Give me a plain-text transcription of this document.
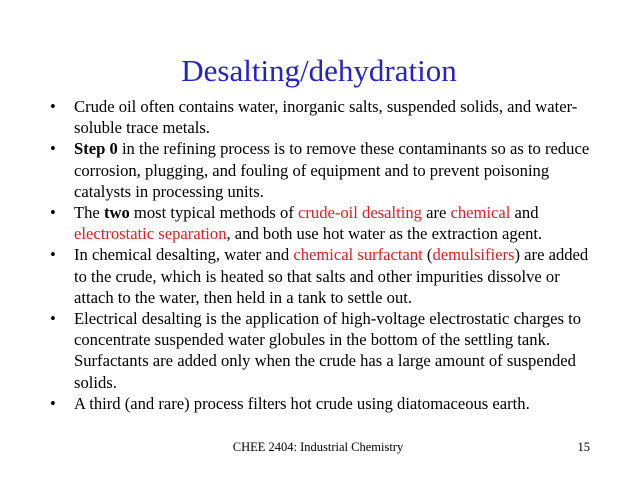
Desalting/dehydration
• Crude oil often contains water, inorganic salts, suspended solids, and water-soluble trace metals.
• Step 0 in the refining process is to remove these contaminants so as to reduce corrosion, plugging, and fouling of equipment and to prevent poisoning catalysts in processing units.
• The two most typical methods of crude-oil desalting are chemical and electrostatic separation, and both use hot water as the extraction agent.
• In chemical desalting, water and chemical surfactant (demulsifiers) are added to the crude, which is heated so that salts and other impurities dissolve or attach to the water, then held in a tank to settle out.
• Electrical desalting is the application of high-voltage electrostatic charges to concentrate suspended water globules in the bottom of the settling tank. Surfactants are added only when the crude has a large amount of suspended solids.
• A third (and rare) process filters hot crude using diatomaceous earth.
CHEE 2404: Industrial Chemistry	15
